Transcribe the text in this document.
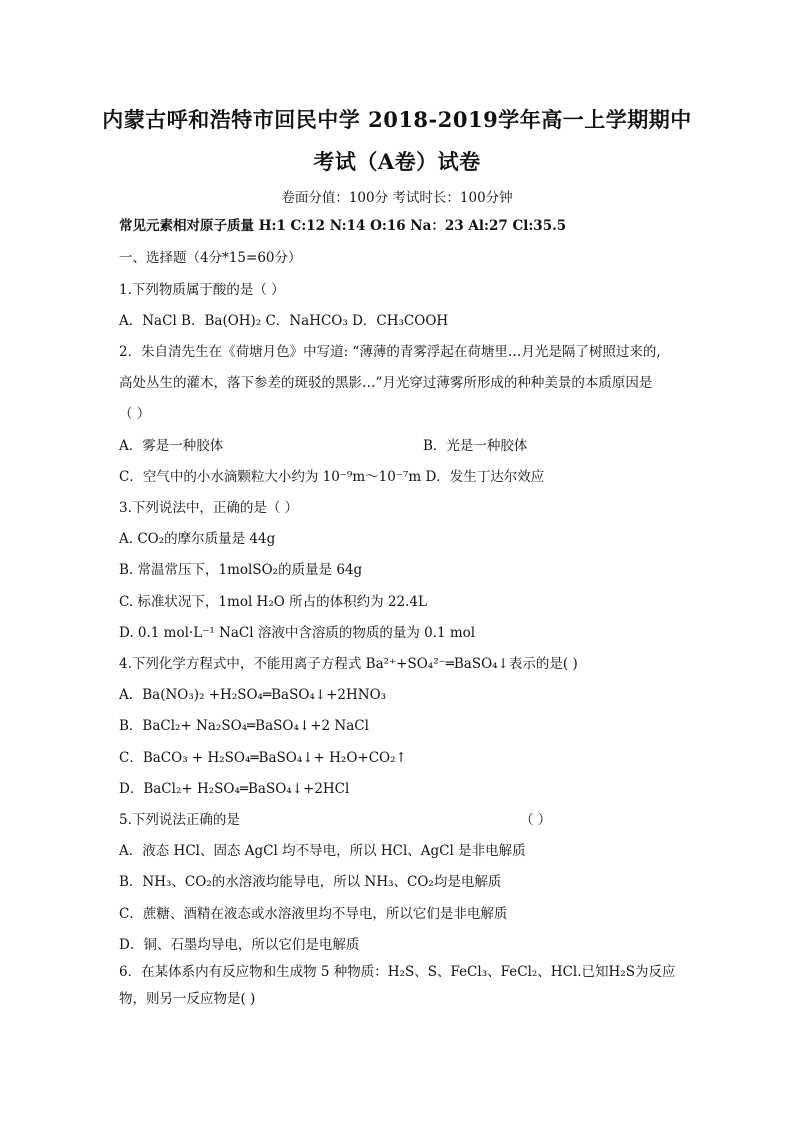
内蒙古呼和浩特市回民中学 2018-2019学年高一上学期期中
考试（A卷）试卷
卷面分值：100分 考试时长：100分钟
常见元素相对原子质量 H:1 C:12 N:14 O:16 Na：23 Al:27 Cl:35.5
一、选择题（4分*15=60分）
1.下列物质属于酸的是（ ）
A．NaCl B．Ba(OH)₂ C．NaHCO₃ D．CH₃COOH
2．朱自清先生在《荷塘月色》中写道: “薄薄的青雾浮起在荷塘里…月光是隔了树照过来的,
高处丛生的灌木，落下参差的斑驳的黑影…”月光穿过薄雾所形成的种种美景的本质原因是
（ ）
A．雾是一种胶体	B．光是一种胶体
C．空气中的小水滴颗粒大小约为 10⁻⁹m～10⁻⁷m D．发生丁达尔效应
3.下列说法中，正确的是（ ）
A. CO₂的摩尔质量是 44g
B. 常温常压下，1molSO₂的质量是 64g
C. 标准状况下，1mol H₂O 所占的体积约为 22.4L
D. 0.1 mol·L⁻¹ NaCl 溶液中含溶质的物质的量为 0.1 mol
4.下列化学方程式中，不能用离子方程式 Ba²⁺+SO₄²⁻═BaSO₄↓表示的是( )
A．Ba(NO₃)₂ +H₂SO₄═BaSO₄↓+2HNO₃
B．BaCl₂+ Na₂SO₄═BaSO₄↓+2 NaCl
C．BaCO₃ + H₂SO₄═BaSO₄↓+ H₂O+CO₂↑
D．BaCl₂+ H₂SO₄═BaSO₄↓+2HCl
5.下列说法正确的是	（ ）
A．液态 HCl、固态 AgCl 均不导电，所以 HCl、AgCl 是非电解质
B．NH₃、CO₂的水溶液均能导电，所以 NH₃、CO₂均是电解质
C．蔗糖、酒精在液态或水溶液里均不导电，所以它们是非电解质
D．铜、石墨均导电，所以它们是电解质
6．在某体系内有反应物和生成物 5 种物质：H₂S、S、FeCl₃、FeCl₂、HCl.已知H₂S为反应
物，则另一反应物是( )
